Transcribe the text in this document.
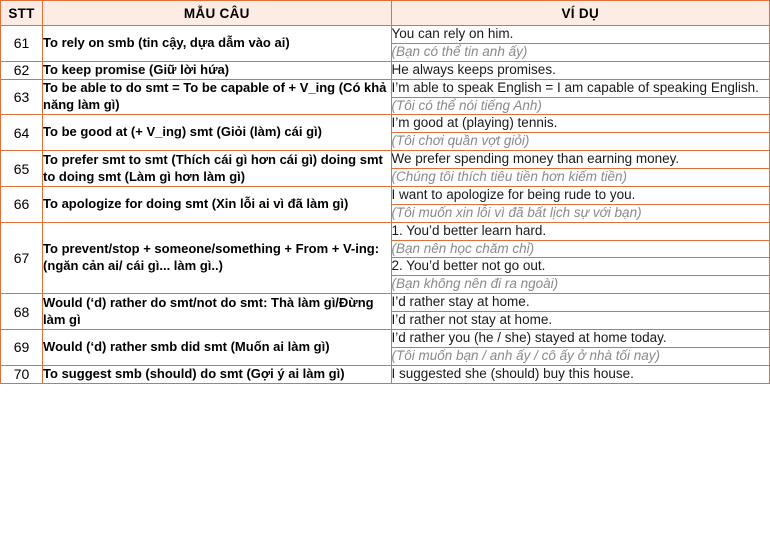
STT	MẪU CÂU	VÍ DỤ
61	To rely on smb (tin cậy, dựa dẫm vào ai)	You can rely on him.
		(Bạn có thể tin anh ấy)
62	To keep promise (Giữ lời hứa)	He always keeps promises.
63	To be able to do smt = To be capable of + V_ing (Có khả năng làm gì)	I’m able to speak English = I am capable of speaking English.
		(Tôi có thể nói tiếng Anh)
64	To be good at (+ V_ing) smt (Giỏi (làm) cái gì)	I’m good at (playing) tennis.
		(Tôi chơi quần vợt giỏi)
65	To prefer smt to smt (Thích cái gì hơn cái gì) doing smt to doing smt (Làm gì hơn làm gì)	We prefer spending money than earning money.
		(Chúng tôi thích tiêu tiền hơn kiếm tiền)
66	To apologize for doing smt (Xin lỗi ai vì đã làm gì)	I want to apologize for being rude to you.
		(Tôi muốn xin lỗi vì đã bất lịch sự với bạn)
67	To prevent/stop + someone/something + From + V-ing: (ngăn cản ai/ cái gì... làm gì..)	1. You’d better learn hard.
		(Bạn nên học chăm chỉ)
		2. You’d better not go out.
		(Bạn không nên đi ra ngoài)
68	Would (‘d) rather do smt/not do smt: Thà làm gì/Đừng làm gì	I’d rather stay at home.
		I’d rather not stay at home.
69	Would (‘d) rather smb did smt (Muốn ai làm gì)	I’d rather you (he / she) stayed at home today.
		(Tôi muốn bạn / anh ấy / cô ấy ở nhà tối nay)
70	To suggest smb (should) do smt (Gợi ý ai làm gì)	I suggested she (should) buy this house.
